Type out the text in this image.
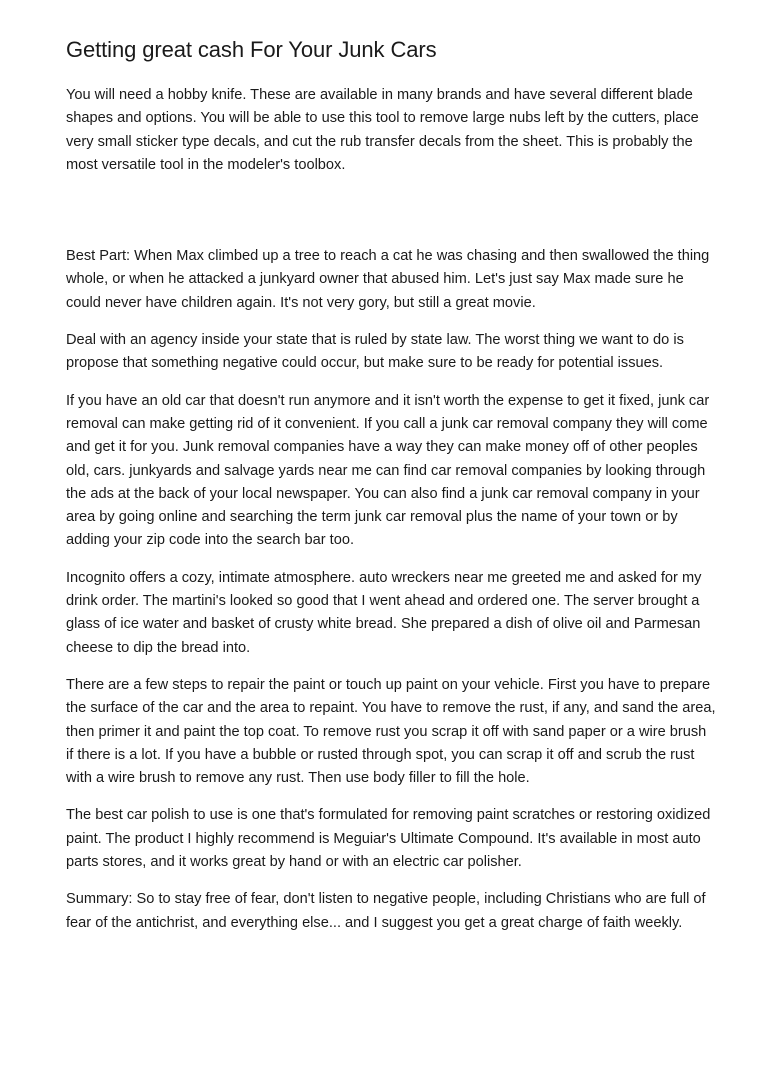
Getting great cash For Your Junk Cars

You will need a hobby knife. These are available in many brands and have several different blade shapes and options. You will be able to use this tool to remove large nubs left by the cutters, place very small sticker type decals, and cut the rub transfer decals from the sheet. This is probably the most versatile tool in the modeler's toolbox.

Best Part: When Max climbed up a tree to reach a cat he was chasing and then swallowed the thing whole, or when he attacked a junkyard owner that abused him. Let's just say Max made sure he could never have children again. It's not very gory, but still a great movie.

Deal with an agency inside your state that is ruled by state law. The worst thing we want to do is propose that something negative could occur, but make sure to be ready for potential issues.

If you have an old car that doesn't run anymore and it isn't worth the expense to get it fixed, junk car removal can make getting rid of it convenient. If you call a junk car removal company they will come and get it for you. Junk removal companies have a way they can make money off of other peoples old, cars. junkyards and salvage yards near me can find car removal companies by looking through the ads at the back of your local newspaper. You can also find a junk car removal company in your area by going online and searching the term junk car removal plus the name of your town or by adding your zip code into the search bar too.

Incognito offers a cozy, intimate atmosphere. auto wreckers near me greeted me and asked for my drink order. The martini's looked so good that I went ahead and ordered one. The server brought a glass of ice water and basket of crusty white bread. She prepared a dish of olive oil and Parmesan cheese to dip the bread into.

There are a few steps to repair the paint or touch up paint on your vehicle. First you have to prepare the surface of the car and the area to repaint. You have to remove the rust, if any, and sand the area, then primer it and paint the top coat. To remove rust you scrap it off with sand paper or a wire brush if there is a lot. If you have a bubble or rusted through spot, you can scrap it off and scrub the rust with a wire brush to remove any rust. Then use body filler to fill the hole.

The best car polish to use is one that's formulated for removing paint scratches or restoring oxidized paint. The product I highly recommend is Meguiar's Ultimate Compound. It's available in most auto parts stores, and it works great by hand or with an electric car polisher.

Summary: So to stay free of fear, don't listen to negative people, including Christians who are full of fear of the antichrist, and everything else... and I suggest you get a great charge of faith weekly.
